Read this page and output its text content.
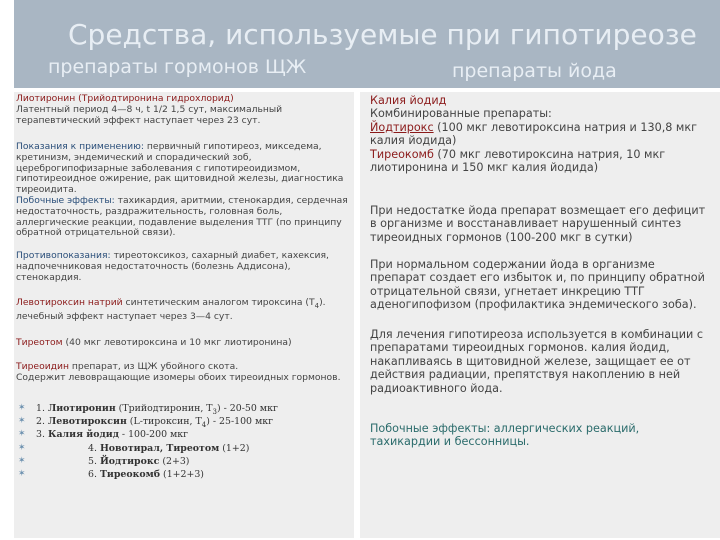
Средства, используемые при гипотиреозе
препараты гормонов ЩЖ	препараты йода
Лиотиронин (Трийодтиронина гидрохлорид)
Латентный период 4—8 ч, t 1/2 1,5 сут, максимальный терапевтический эффект наступает через 23 сут.
Показания к применению: первичный гипотиреоз, микседема, кретинизм, эндемический и спорадический зоб, цереброгипофизарные заболевания с гипотиреоидизмом, гипотиреоидное ожирение, рак щитовидной железы, диагностика тиреоидита.
Побочные эффекты: тахикардия, аритмии, стенокардия, сердечная недостаточность, раздражительность, головная боль, аллергические реакции, подавление выделения ТТГ (по принципу обратной отрицательной связи).
Противопоказания: тиреотоксикоз, сахарный диабет, кахексия, надпочечниковая недостаточность (болезнь Аддисона), стенокардия.
Левотироксин натрий синтетическим аналогом тироксина $(Т_4)$. лечебный эффект наступает через 3—4 сут.
Тиреотом (40 мкг левотироксина и 10 мкг лиотиронина)
Тиреоидин препарат, из ЩЖ убойного скота.
Содержит левовращающие изомеры обоих тиреоидных гормонов.
✶ 1. Лиотиронин (Трийодтиронин, $Т_3) - 20-50$ мкг
✶ 2. Левотироксин (L-тироксин, $Т_4) - 25-100$ мкг
✶ 3. Калия йодид - 100-200 мкг
✶	4. Новотирал, Тиреотом (1+2)
✶	5. Йодтирокс (2+3)
✶	6. Тиреокомб (1+2+3)
Калия йодид
Комбинированные препараты:
Йодтирокс (100 мкг левотироксина натрия и 130,8 мкг калия йодида)
Тиреокомб (70 мкг левотироксина натрия, 10 мкг лиотиронина и 150 мкг калия йодида)
При недостатке йода препарат возмещает его дефицит в организме и восстанавливает нарушенный синтез тиреоидных гормонов (100-200 мкг в сутки)
При нормальном содержании йода в организме препарат создает его избыток и, по принципу обратной отрицательной связи, угнетает инкрецию ТТГ аденогипофизом (профилактика эндемического зоба).
Для лечения гипотиреоза используется в комбинации с препаратами тиреоидных гормонов. калия йодид, накапливаясь в щитовидной железе, защищает ее от действия радиации, препятствуя накоплению в ней радиоактивного йода.
Побочные эффекты: аллергических реакций, тахикардии и бессонницы.
